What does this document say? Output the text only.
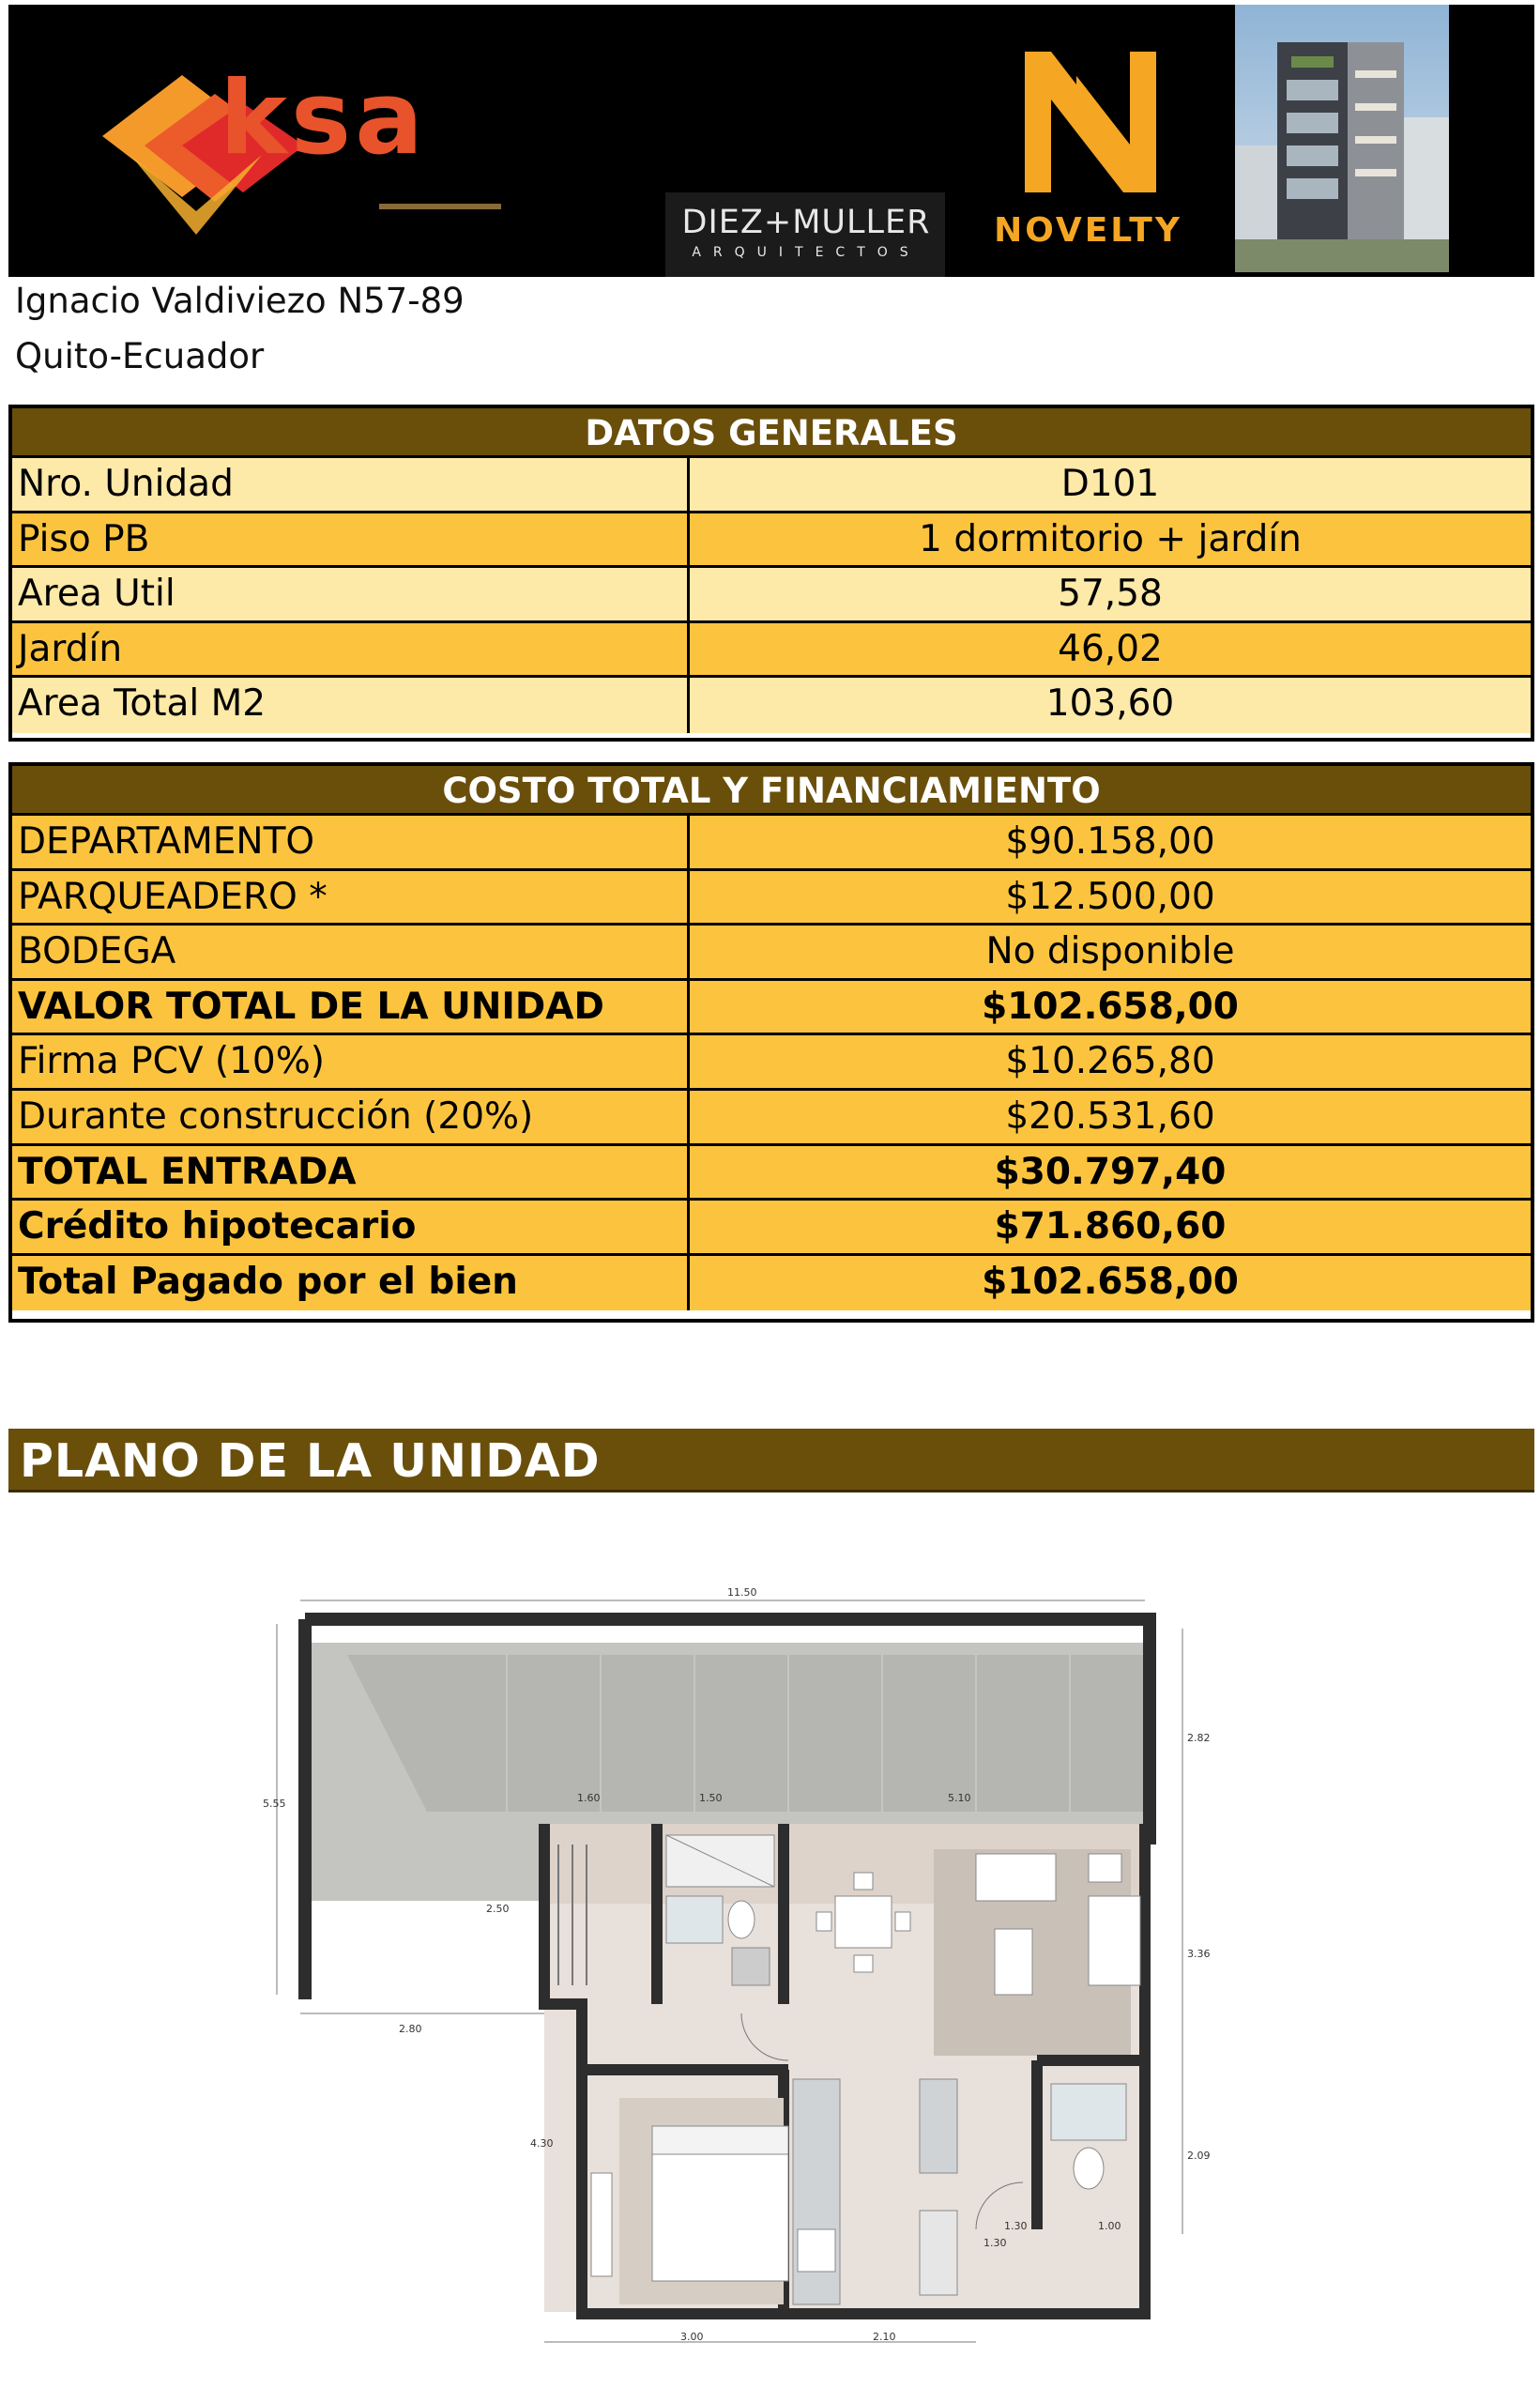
ksa
DIEZ+MULLER
ARQUITECTOS
NOVELTY
Ignacio Valdiviezo N57-89
Quito-Ecuador
DATOS GENERALES
Nro. Unidad	D101
Piso PB	1 dormitorio + jardín
Area Util	57,58
Jardín	46,02
Area Total M2	103,60
COSTO TOTAL Y FINANCIAMIENTO
DEPARTAMENTO	$90.158,00
PARQUEADERO *	$12.500,00
BODEGA	No disponible
VALOR TOTAL DE LA UNIDAD	$102.658,00
Firma PCV (10%)	$10.265,80
Durante construcción (20%)	$20.531,60
TOTAL ENTRADA	$30.797,40
Crédito hipotecario	$71.860,60
Total Pagado por el bien	$102.658,00
PLANO DE LA UNIDAD
11.50
5.55
2.82
3.36
2.09
1.60	1.50	5.10
2.50
2.80
4.30
1.30	1.00
1.30
3.00	2.10
